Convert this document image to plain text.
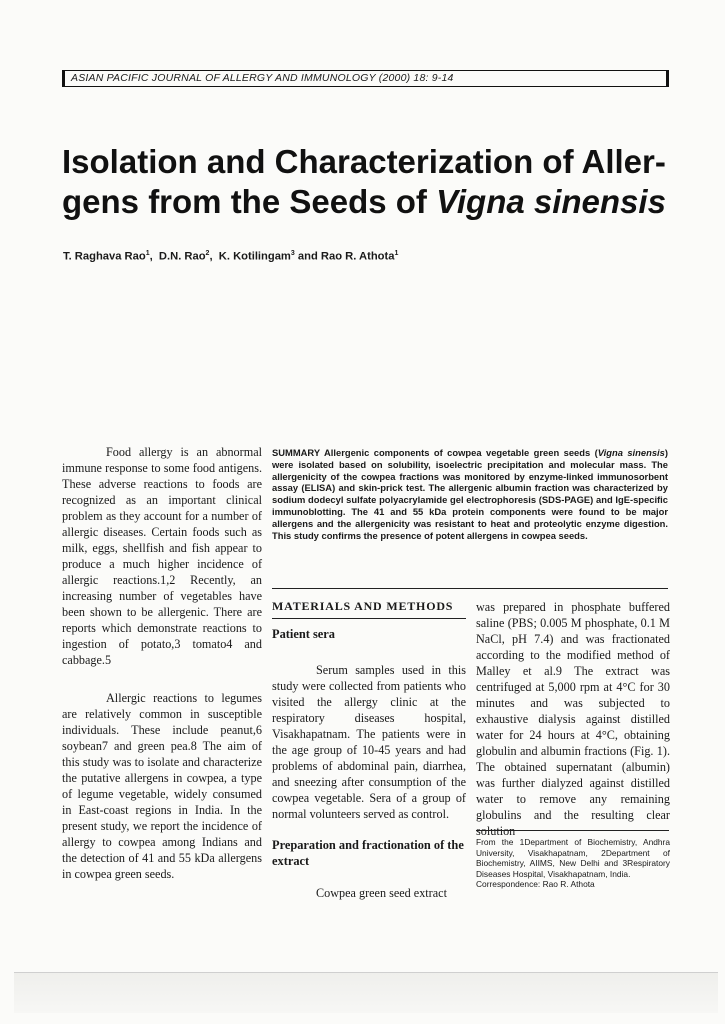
ASIAN PACIFIC JOURNAL OF ALLERGY AND IMMUNOLOGY (2000) 18: 9-14
Isolation and Characterization of Aller-
gens from the Seeds of Vigna sinensis
T. Raghava Rao$^1$,  D.N. Rao$^2$,  K. Kotilingam$^3$ and Rao R. Athota$^1$

Food allergy is an abnormal immune response to some food antigens. These adverse reactions to foods are recognized as an important clinical problem as they account for a number of allergic diseases. Certain foods such as milk, eggs, shellfish and fish appear to produce a much higher incidence of allergic reactions.1,2 Recently, an increasing number of vegetables have been shown to be allergenic. There are reports which demonstrate reactions to ingestion of potato,3 tomato4 and cabbage.5

Allergic reactions to legumes are relatively common in susceptible individuals. These include peanut,6 soybean7 and green pea.8 The aim of this study was to isolate and characterize the putative allergens in cowpea, a type of legume vegetable, widely consumed in East-coast regions in India. In the present study, we report the incidence of allergy to cowpea among Indians and the detection of 41 and 55 kDa allergens in cowpea green seeds.

SUMMARY Allergenic components of cowpea vegetable green seeds (Vigna sinensis) were isolated based on solubility, isoelectric precipitation and molecular mass. The allergenicity of the cowpea fractions was monitored by enzyme-linked immunosorbent assay (ELISA) and skin-prick test. The allergenic albumin fraction was characterized by sodium dodecyl sulfate polyacrylamide gel electrophoresis (SDS-PAGE) and IgE-specific immunoblotting. The 41 and 55 kDa protein components were found to be major allergens and the allergenicity was resistant to heat and proteolytic enzyme digestion. This study confirms the presence of potent allergens in cowpea seeds.
MATERIALS AND METHODS
Patient sera

Serum samples used in this study were collected from patients who visited the allergy clinic at the respiratory diseases hospital, Visakhapatnam. The patients were in the age group of 10-45 years and had problems of abdominal pain, diarrhea, and sneezing after consumption of the cowpea vegetable. Sera of a group of normal volunteers served as control.

Preparation and fractionation of the extract

Cowpea green seed extract

was prepared in phosphate buffered saline (PBS; 0.005 M phosphate, 0.1 M NaCl, pH 7.4) and was fractionated according to the modified method of Malley et al.9 The extract was centrifuged at 5,000 rpm at 4°C for 30 minutes and was subjected to exhaustive dialysis against distilled water for 24 hours at 4°C, obtaining globulin and albumin fractions (Fig. 1). The obtained supernatant (albumin) was further dialyzed against distilled water to remove any remaining globulins and the resulting clear solution

From the 1Department of Biochemistry, Andhra University, Visakhapatnam, 2Department of Biochemistry, AIIMS, New Delhi and 3Respiratory Diseases Hospital, Visakhapatnam, India.

Correspondence: Rao R. Athota
